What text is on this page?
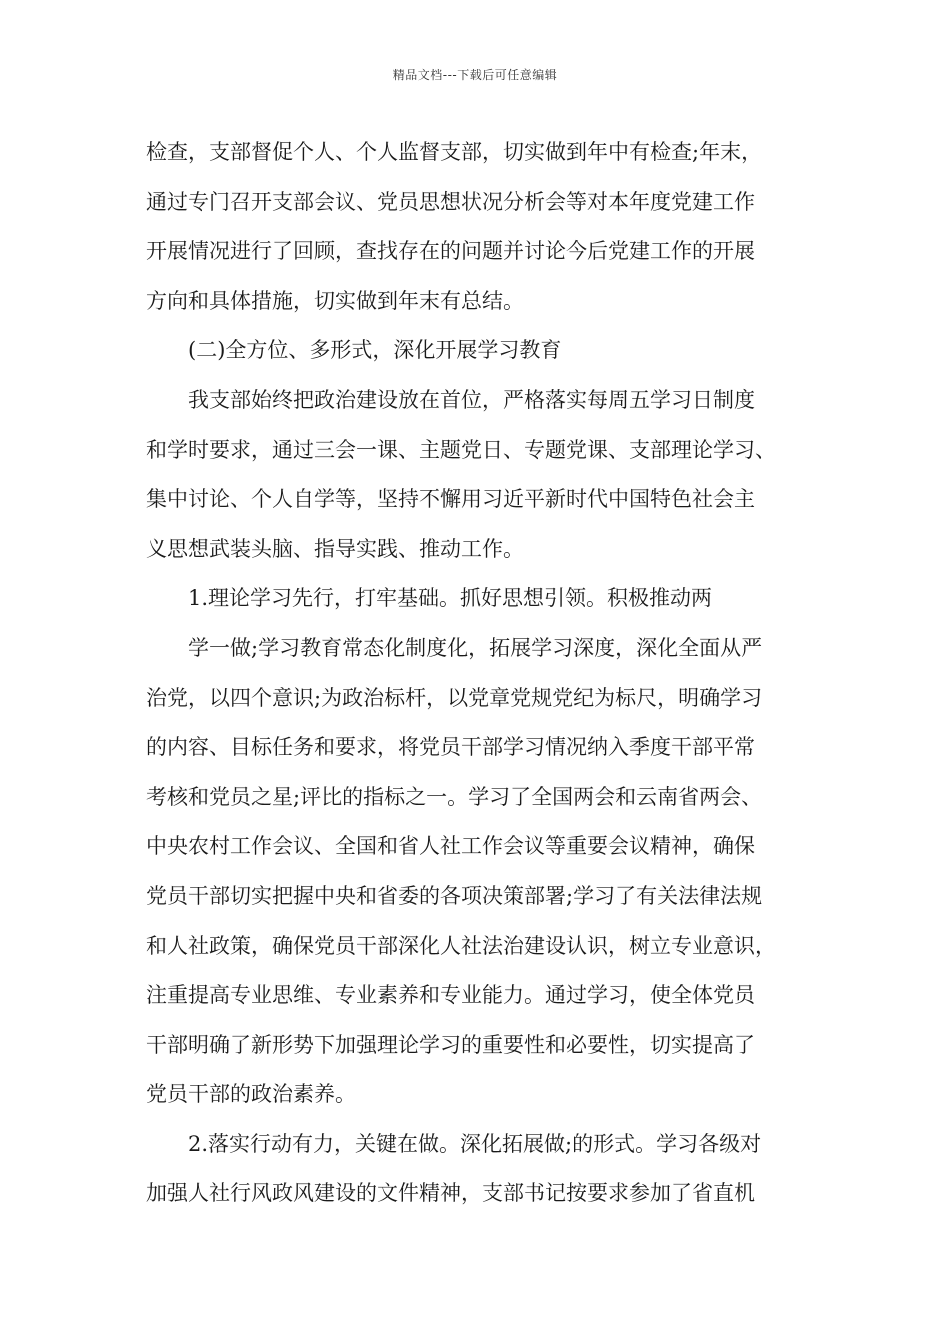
精品文档---下载后可任意编辑
检查，支部督促个人、个人监督支部，切实做到年中有检查;年末，
通过专门召开支部会议、党员思想状况分析会等对本年度党建工作
开展情况进行了回顾，查找存在的问题并讨论今后党建工作的开展
方向和具体措施，切实做到年末有总结。
(二)全方位、多形式，深化开展学习教育
我支部始终把政治建设放在首位，严格落实每周五学习日制度
和学时要求，通过三会一课、主题党日、专题党课、支部理论学习、
集中讨论、个人自学等，坚持不懈用习近平新时代中国特色社会主
义思想武装头脑、指导实践、推动工作。
1.理论学习先行，打牢基础。抓好思想引领。积极推动两
学一做;学习教育常态化制度化，拓展学习深度，深化全面从严
治党，以四个意识;为政治标杆，以党章党规党纪为标尺，明确学习
的内容、目标任务和要求，将党员干部学习情况纳入季度干部平常
考核和党员之星;评比的指标之一。学习了全国两会和云南省两会、
中央农村工作会议、全国和省人社工作会议等重要会议精神，确保
党员干部切实把握中央和省委的各项决策部署;学习了有关法律法规
和人社政策，确保党员干部深化人社法治建设认识，树立专业意识，
注重提高专业思维、专业素养和专业能力。通过学习，使全体党员
干部明确了新形势下加强理论学习的重要性和必要性，切实提高了
党员干部的政治素养。
2.落实行动有力，关键在做。深化拓展做;的形式。学习各级对
加强人社行风政风建设的文件精神，支部书记按要求参加了省直机
